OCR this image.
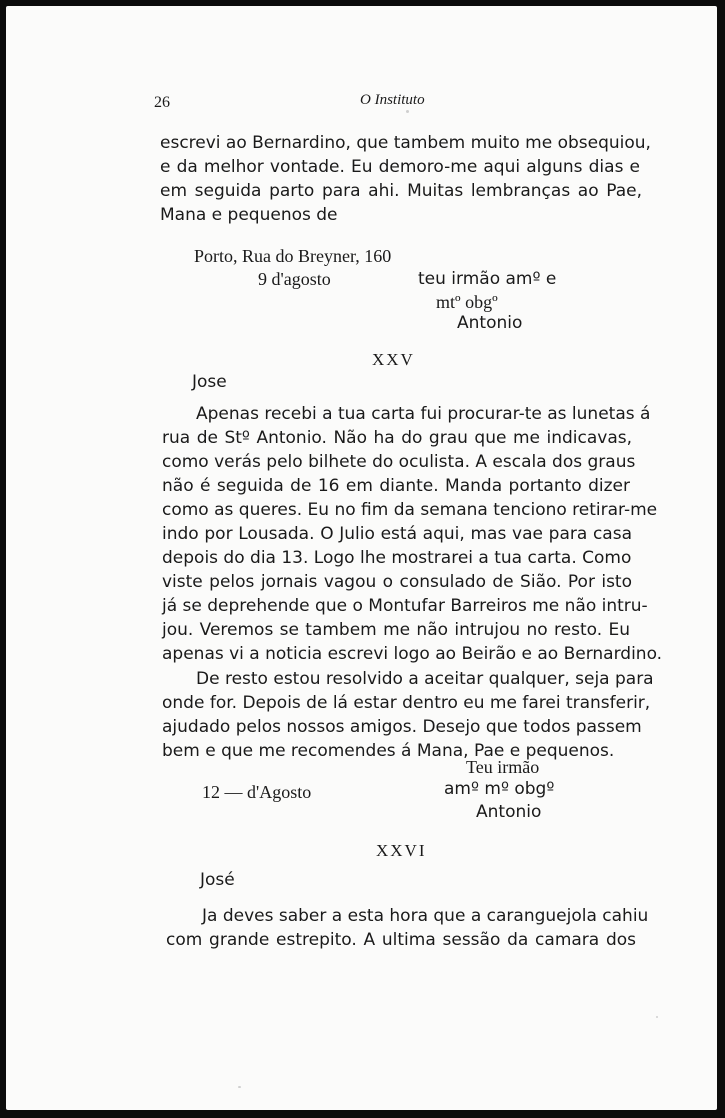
26	O Instituto
escrevi ao Bernardino, que tambem muito me obsequiou,
e da melhor vontade. Eu demoro-me aqui alguns dias e
em seguida parto para ahi. Muitas lembranças ao Pae,
Mana e pequenos de
Porto, Rua do Breyner, 160
9 d'agosto	teu irmão amº e
mtº obgº
Antonio
XXV
Jose
Apenas recebi a tua carta fui procurar-te as lunetas á
rua de Stº Antonio. Não ha do grau que me indicavas,
como verás pelo bilhete do oculista. A escala dos graus
não é seguida de 16 em diante. Manda portanto dizer
como as queres. Eu no fim da semana tenciono retirar-me
indo por Lousada. O Julio está aqui, mas vae para casa
depois do dia 13. Logo lhe mostrarei a tua carta. Como
viste pelos jornais vagou o consulado de Sião. Por isto
já se deprehende que o Montufar Barreiros me não intru-
jou. Veremos se tambem me não intrujou no resto. Eu
apenas vi a noticia escrevi logo ao Beirão e ao Bernardino.
De resto estou resolvido a aceitar qualquer, seja para
onde for. Depois de lá estar dentro eu me farei transferir,
ajudado pelos nossos amigos. Desejo que todos passem
bem e que me recomendes á Mana, Pae e pequenos.
Teu irmão
12 — d'Agosto	amº mº obgº
Antonio
XXVI
José
Ja deves saber a esta hora que a caranguejola cahiu
com grande estrepito. A ultima sessão da camara dos
